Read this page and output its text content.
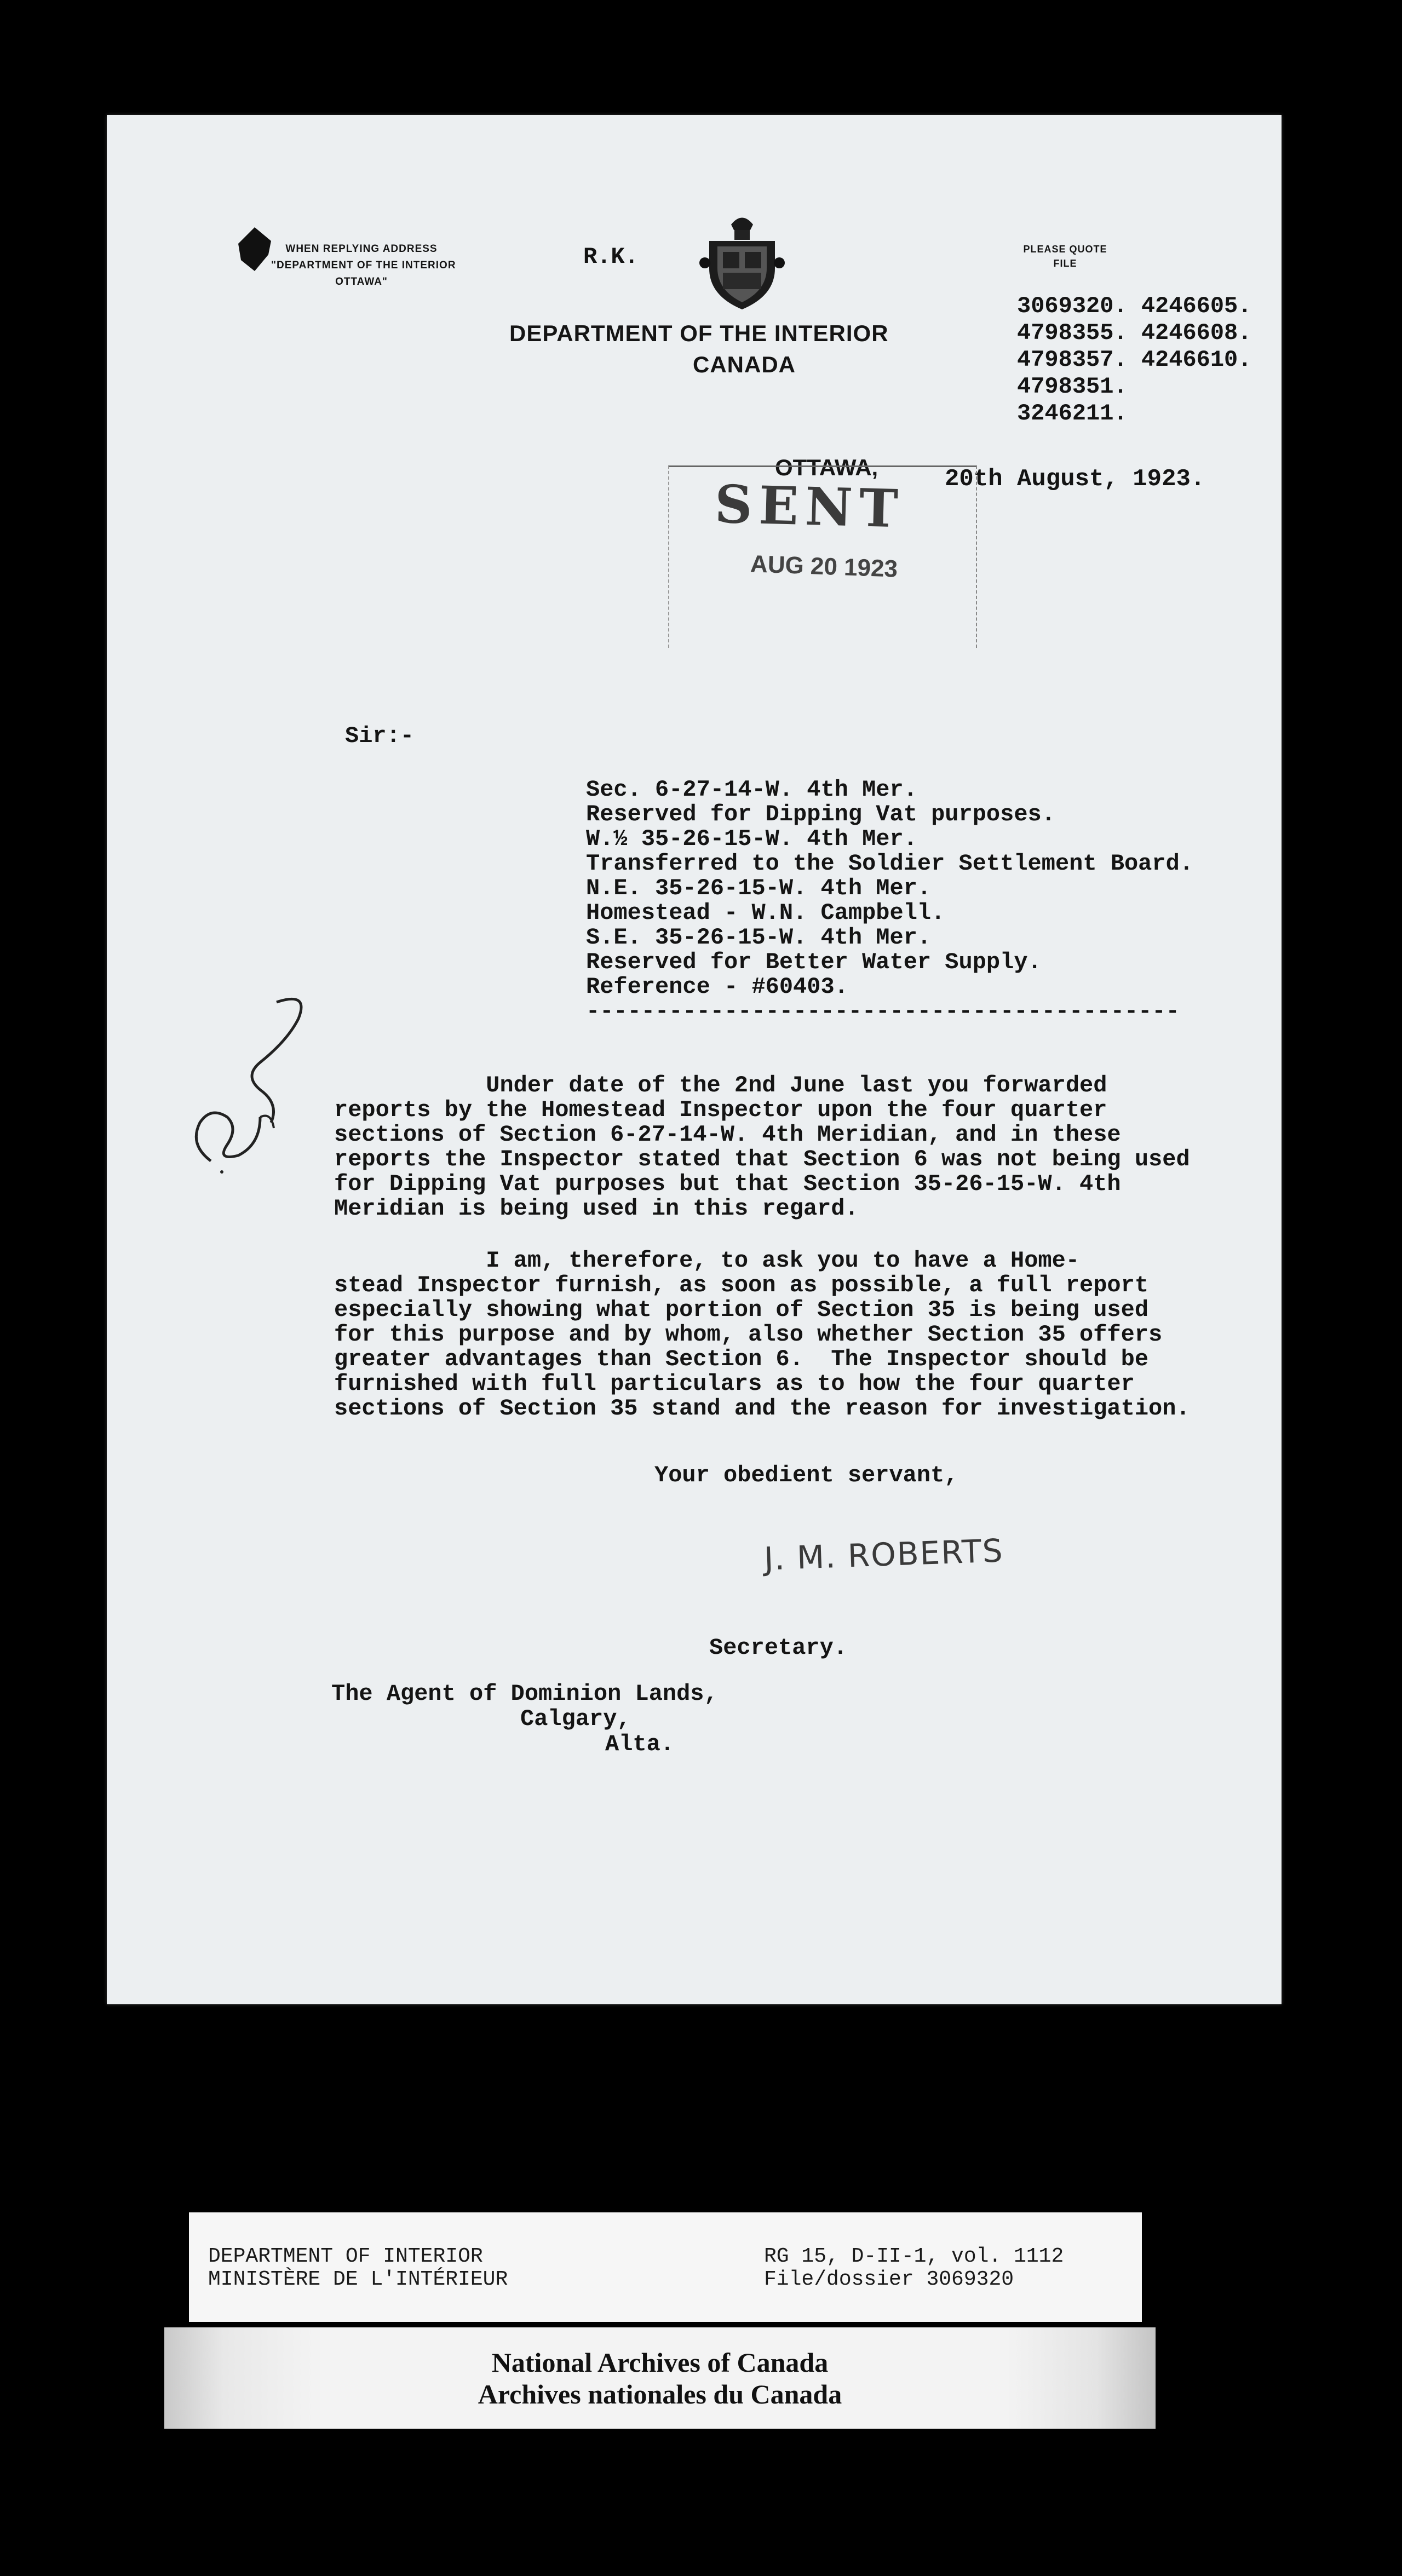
WHEN REPLYING ADDRESS
"DEPARTMENT OF THE INTERIOR
OTTAWA"
R.K.
DEPARTMENT OF THE INTERIOR
CANADA
PLEASE QUOTE
FILE
3069320. 4246605.
4798355. 4246608.
4798357. 4246610.
4798351.
3246211.
OTTAWA,	20th August, 1923.
Sir:-
Sec. 6-27-14-W. 4th Mer.
Reserved for Dipping Vat purposes.
W.½ 35-26-15-W. 4th Mer.
Transferred to the Soldier Settlement Board.
N.E. 35-26-15-W. 4th Mer.
Homestead - W.N. Campbell.
S.E. 35-26-15-W. 4th Mer.
Reserved for Better Water Supply.
Reference - #60403.
-------------------------------------------
Under date of the 2nd June last you forwarded
reports by the Homestead Inspector upon the four quarter
sections of Section 6-27-14-W. 4th Meridian, and in these
reports the Inspector stated that Section 6 was not being used
for Dipping Vat purposes but that Section 35-26-15-W. 4th
Meridian is being used in this regard.
I am, therefore, to ask you to have a Home-
stead Inspector furnish, as soon as possible, a full report
especially showing what portion of Section 35 is being used
for this purpose and by whom, also whether Section 35 offers
greater advantages than Section 6.  The Inspector should be
furnished with full particulars as to how the four quarter
sections of Section 35 stand and the reason for investigation.
Your obedient servant,
J. M. ROBERTS
Secretary.
The Agent of Dominion Lands,
Calgary,
Alta.
SENT
AUG 20 1923
DEPARTMENT OF INTERIOR
MINISTÈRE DE L'INTÉRIEUR
RG 15, D-II-1, vol. 1112
File/dossier 3069320
National Archives of Canada
Archives nationales du Canada
